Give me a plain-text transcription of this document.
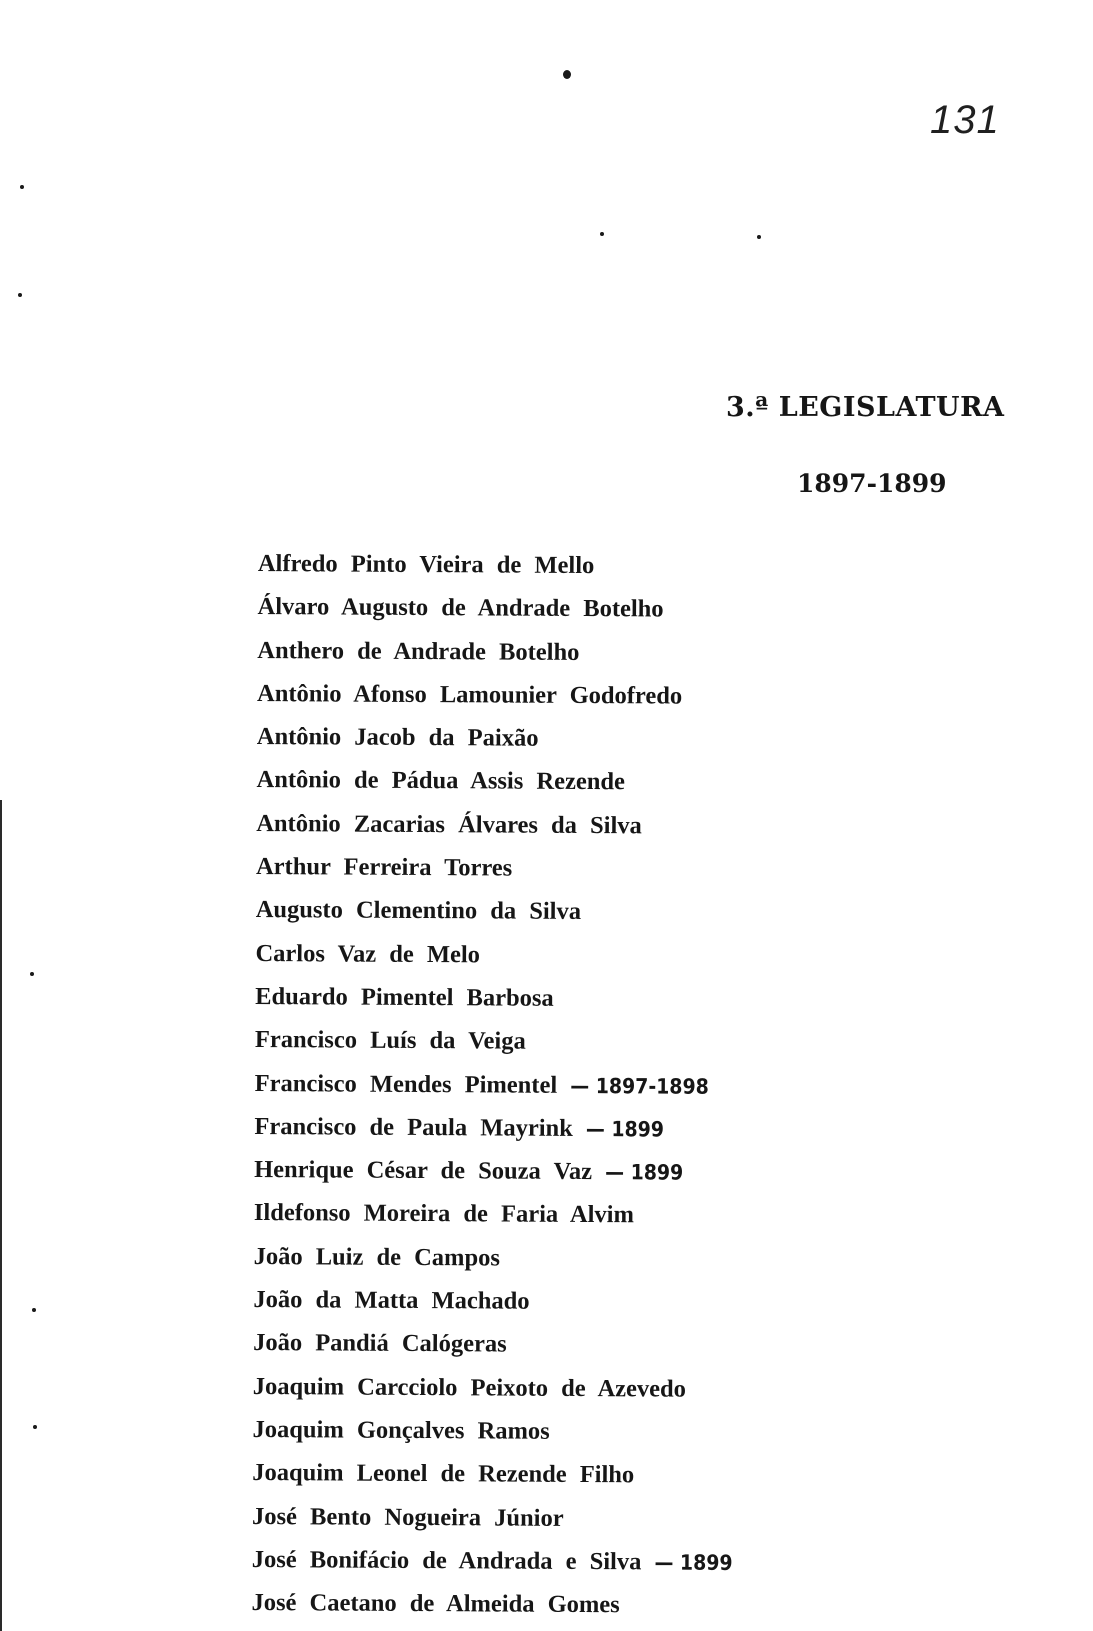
131
3.ª LEGISLATURA
1897-1899
Alfredo Pinto Vieira de Mello
Álvaro Augusto de Andrade Botelho
Anthero de Andrade Botelho
Antônio Afonso Lamounier Godofredo
Antônio Jacob da Paixão
Antônio de Pádua Assis Rezende
Antônio Zacarias Álvares da Silva
Arthur Ferreira Torres
Augusto Clementino da Silva
Carlos Vaz de Melo
Eduardo Pimentel Barbosa
Francisco Luís da Veiga
Francisco Mendes Pimentel — 1897-1898
Francisco de Paula Mayrink — 1899
Henrique César de Souza Vaz — 1899
Ildefonso Moreira de Faria Alvim
João Luiz de Campos
João da Matta Machado
João Pandiá Calógeras
Joaquim Carcciolo Peixoto de Azevedo
Joaquim Gonçalves Ramos
Joaquim Leonel de Rezende Filho
José Bento Nogueira Júnior
José Bonifácio de Andrada e Silva — 1899
José Caetano de Almeida Gomes
